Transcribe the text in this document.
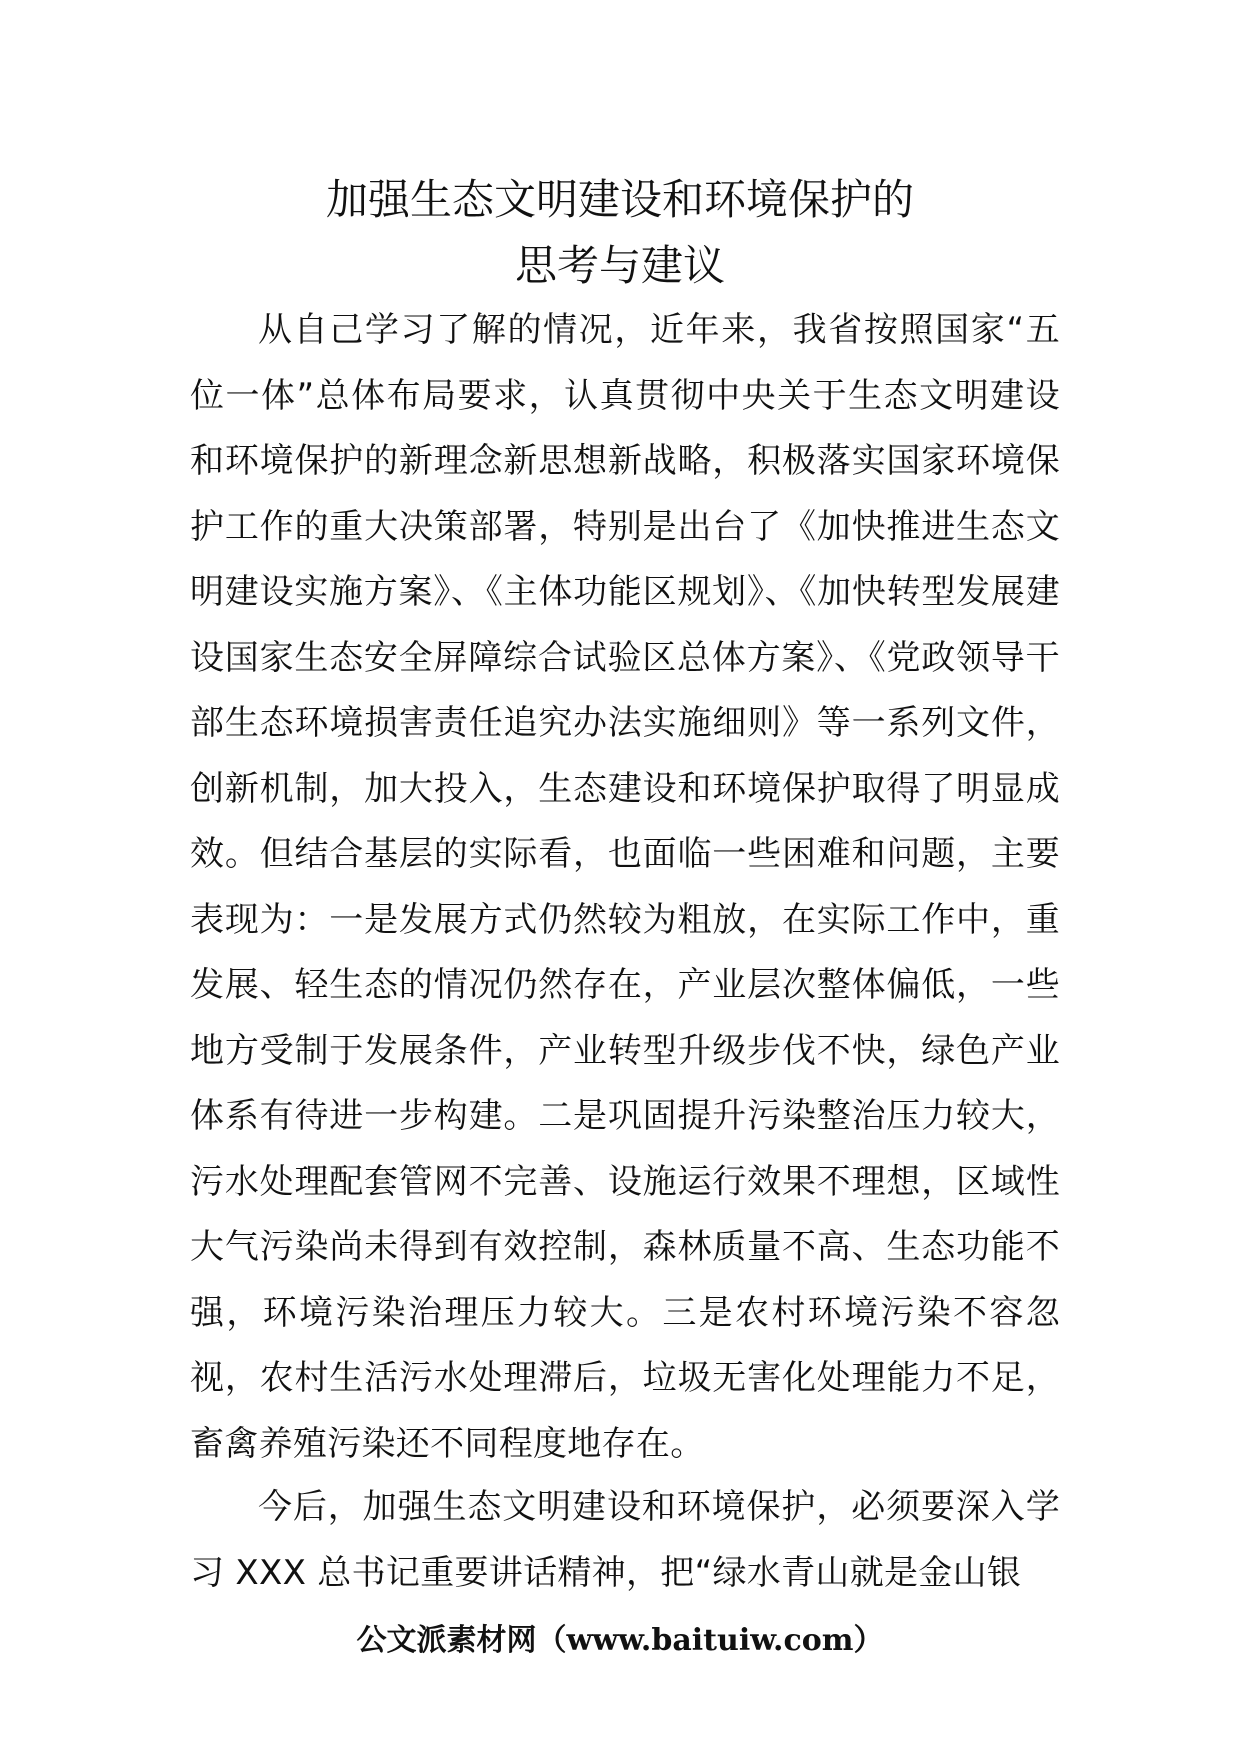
加强生态文明建设和环境保护的
思考与建议

从自己学习了解的情况，近年来，我省按照国家“五位一体”总体布局要求，认真贯彻中央关于生态文明建设和环境保护的新理念新思想新战略，积极落实国家环境保护工作的重大决策部署，特别是出台了《加快推进生态文明建设实施方案》、《主体功能区规划》、《加快转型发展建设国家生态安全屏障综合试验区总体方案》、《党政领导干部生态环境损害责任追究办法实施细则》等一系列文件，创新机制，加大投入，生态建设和环境保护取得了明显成效。但结合基层的实际看，也面临一些困难和问题，主要表现为：一是发展方式仍然较为粗放，在实际工作中，重发展、轻生态的情况仍然存在，产业层次整体偏低，一些地方受制于发展条件，产业转型升级步伐不快，绿色产业体系有待进一步构建。二是巩固提升污染整治压力较大，污水处理配套管网不完善、设施运行效果不理想，区域性大气污染尚未得到有效控制，森林质量不高、生态功能不强，环境污染治理压力较大。三是农村环境污染不容忽视，农村生活污水处理滞后，垃圾无害化处理能力不足，畜禽养殖污染还不同程度地存在。

今后，加强生态文明建设和环境保护，必须要深入学习 XXX 总书记重要讲话精神，把“绿水青山就是金山银

公文派素材网（www.baituiw.com）
